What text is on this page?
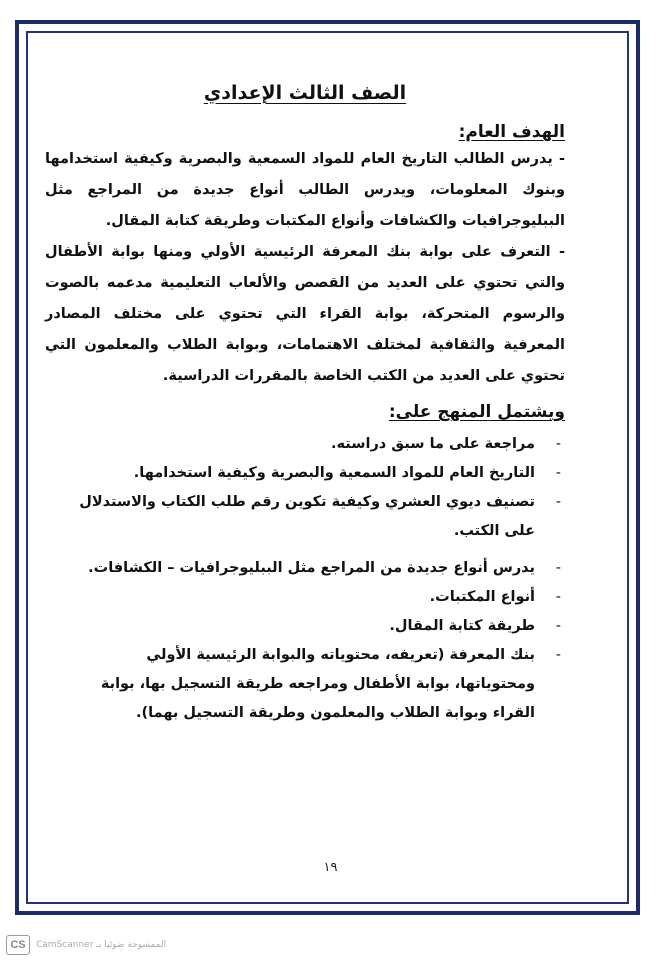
الصف الثالث الإعدادي
الهدف العام:

- يدرس الطالب التاريخ العام للمواد السمعية والبصرية وكيفية استخدامها وبنوك المعلومات، ويدرس الطالب أنواع جديدة من المراجع مثل الببليوجرافيات والكشافات وأنواع المكتبات وطريقة كتابة المقال.

- التعرف على بوابة بنك المعرفة الرئيسية الأولي ومنها بوابة الأطفال والتي تحتوي على العديد من القصص والألعاب التعليمية مدعمه بالصوت والرسوم المتحركة، بوابة القراء التي تحتوي على مختلف المصادر المعرفية والثقافية لمختلف الاهتمامات، وبوابة الطلاب والمعلمون التي تحتوي على العديد من الكتب الخاصة بالمقررات الدراسية.

ويشتمل المنهج على:
-
مراجعة على ما سبق دراسته.
-
التاريخ العام للمواد السمعية والبصرية وكيفية استخدامها.
-
تصنيف ديوي العشري وكيفية تكوين رقم طلب الكتاب والاستدلال على الكتب.
-
يدرس أنواع جديدة من المراجع مثل الببليوجرافيات – الكشافات.
-
أنواع المكتبات.
-
طريقة كتابة المقال.
-
بنك المعرفة (تعريفه، محتوياته والبوابة الرئيسية الأولي ومحتوياتها، بوابة الأطفال ومراجعه طريقة التسجيل بها، بوابة القراء وبوابة الطلاب والمعلمون وطريقة التسجيل بهما).
١٩
CS	الممسوحة ضوئيا بـ CamScanner
